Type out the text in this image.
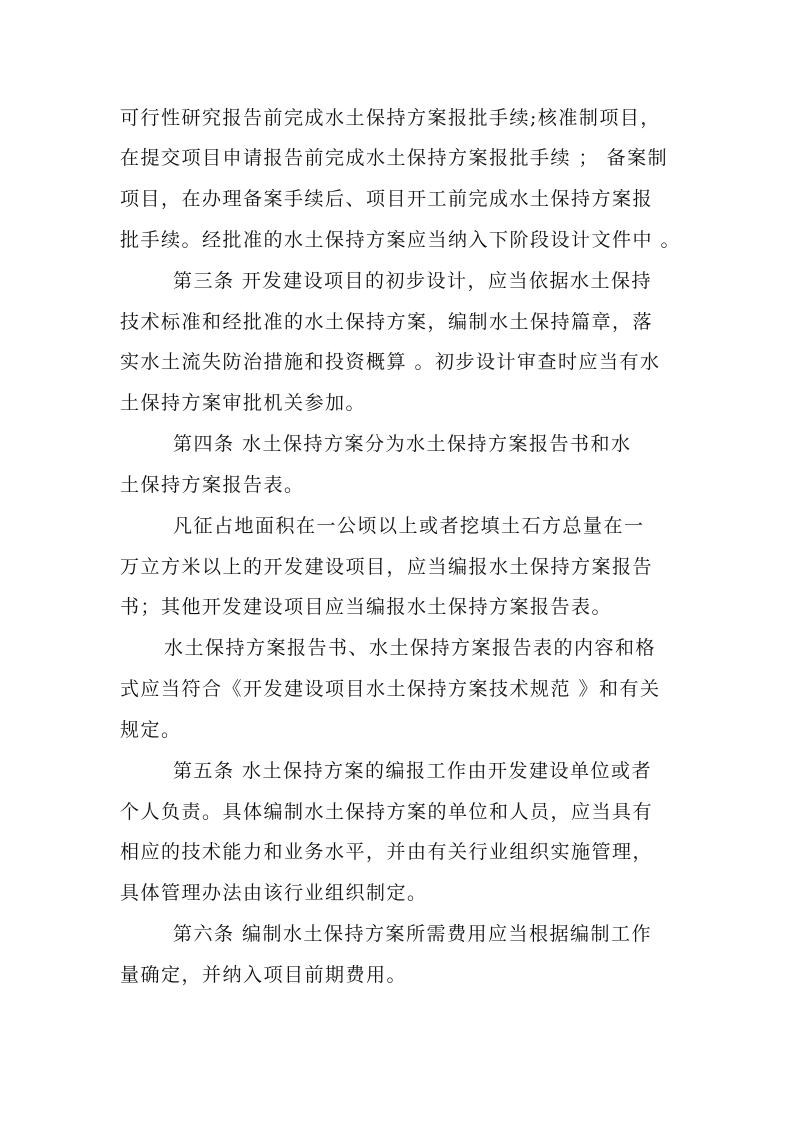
可行性研究报告前完成水土保持方案报批手续;核准制项目，
在提交项目申请报告前完成水土保持方案报批手续 ； 备案制
项目，在办理备案手续后、项目开工前完成水土保持方案报
批手续。经批准的水土保持方案应当纳入下阶段设计文件中 。
第三条 开发建设项目的初步设计，应当依据水土保持
技术标准和经批准的水土保持方案，编制水土保持篇章，落
实水土流失防治措施和投资概算 。初步设计审查时应当有水
土保持方案审批机关参加。
第四条 水土保持方案分为水土保持方案报告书和水
土保持方案报告表。
凡征占地面积在一公顷以上或者挖填土石方总量在一
万立方米以上的开发建设项目，应当编报水土保持方案报告
书；其他开发建设项目应当编报水土保持方案报告表。
水土保持方案报告书、水土保持方案报告表的内容和格
式应当符合《开发建设项目水土保持方案技术规范 》和有关
规定。
第五条 水土保持方案的编报工作由开发建设单位或者
个人负责。具体编制水土保持方案的单位和人员，应当具有
相应的技术能力和业务水平，并由有关行业组织实施管理，
具体管理办法由该行业组织制定。
第六条 编制水土保持方案所需费用应当根据编制工作
量确定，并纳入项目前期费用。
